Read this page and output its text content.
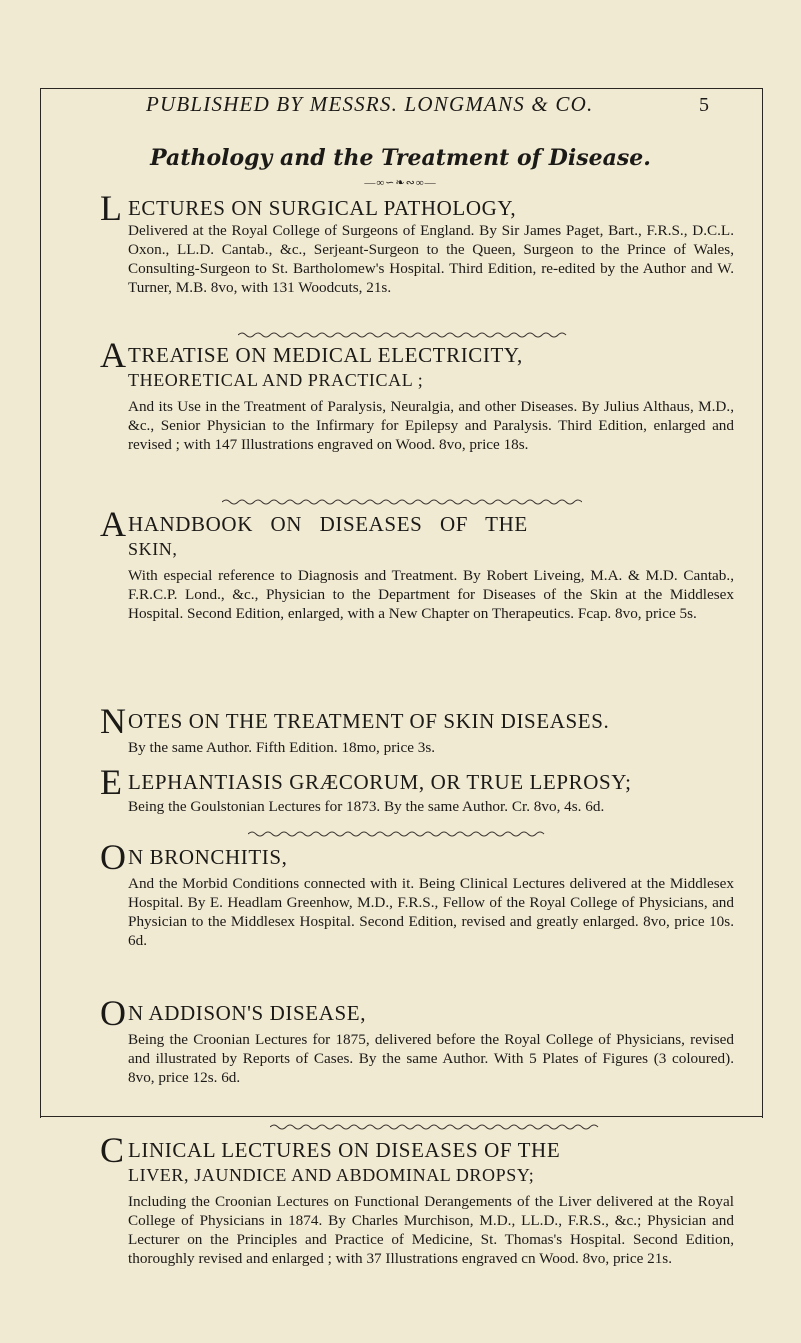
PUBLISHED BY MESSRS. LONGMANS & CO.	5
Pathology and the Treatment of Disease.
—∞∽❧∾∞—
L ECTURES ON SURGICAL PATHOLOGY,
Delivered at the Royal College of Surgeons of England. By Sir James Paget, Bart., F.R.S., D.C.L. Oxon., LL.D. Cantab., &c., Serjeant-Surgeon to the Queen, Surgeon to the Prince of Wales, Consulting-Surgeon to St. Bartholomew's Hospital. Third Edition, re-edited by the Author and W. Turner, M.B. 8vo, with 131 Woodcuts, 21s.
A TREATISE ON MEDICAL ELECTRICITY,
THEORETICAL AND PRACTICAL ;
And its Use in the Treatment of Paralysis, Neuralgia, and other Diseases. By Julius Althaus, M.D., &c., Senior Physician to the Infirmary for Epilepsy and Paralysis. Third Edition, enlarged and revised ; with 147 Illustrations engraved on Wood. 8vo, price 18s.
A HANDBOOK   ON   DISEASES   OF   THE
SKIN,
With especial reference to Diagnosis and Treatment. By Robert Liveing, M.A. & M.D. Cantab., F.R.C.P. Lond., &c., Physician to the Department for Diseases of the Skin at the Middlesex Hospital. Second Edition, enlarged, with a New Chapter on Therapeutics. Fcap. 8vo, price 5s.
N OTES ON THE TREATMENT OF SKIN DISEASES.
By the same Author. Fifth Edition. 18mo, price 3s.
E LEPHANTIASIS GRÆCORUM, OR TRUE LEPROSY;
Being the Goulstonian Lectures for 1873. By the same Author. Cr. 8vo, 4s. 6d.
O N BRONCHITIS,
And the Morbid Conditions connected with it. Being Clinical Lectures delivered at the Middlesex Hospital. By E. Headlam Greenhow, M.D., F.R.S., Fellow of the Royal College of Physicians, and Physician to the Middlesex Hospital. Second Edition, revised and greatly enlarged. 8vo, price 10s. 6d.
O N ADDISON'S DISEASE,
Being the Croonian Lectures for 1875, delivered before the Royal College of Physicians, revised and illustrated by Reports of Cases. By the same Author. With 5 Plates of Figures (3 coloured). 8vo, price 12s. 6d.
C LINICAL LECTURES ON DISEASES OF THE
LIVER, JAUNDICE AND ABDOMINAL DROPSY;
Including the Croonian Lectures on Functional Derangements of the Liver delivered at the Royal College of Physicians in 1874. By Charles Murchison, M.D., LL.D., F.R.S., &c.; Physician and Lecturer on the Principles and Practice of Medicine, St. Thomas's Hospital. Second Edition, thoroughly revised and enlarged ; with 37 Illustrations engraved cn Wood. 8vo, price 21s.
